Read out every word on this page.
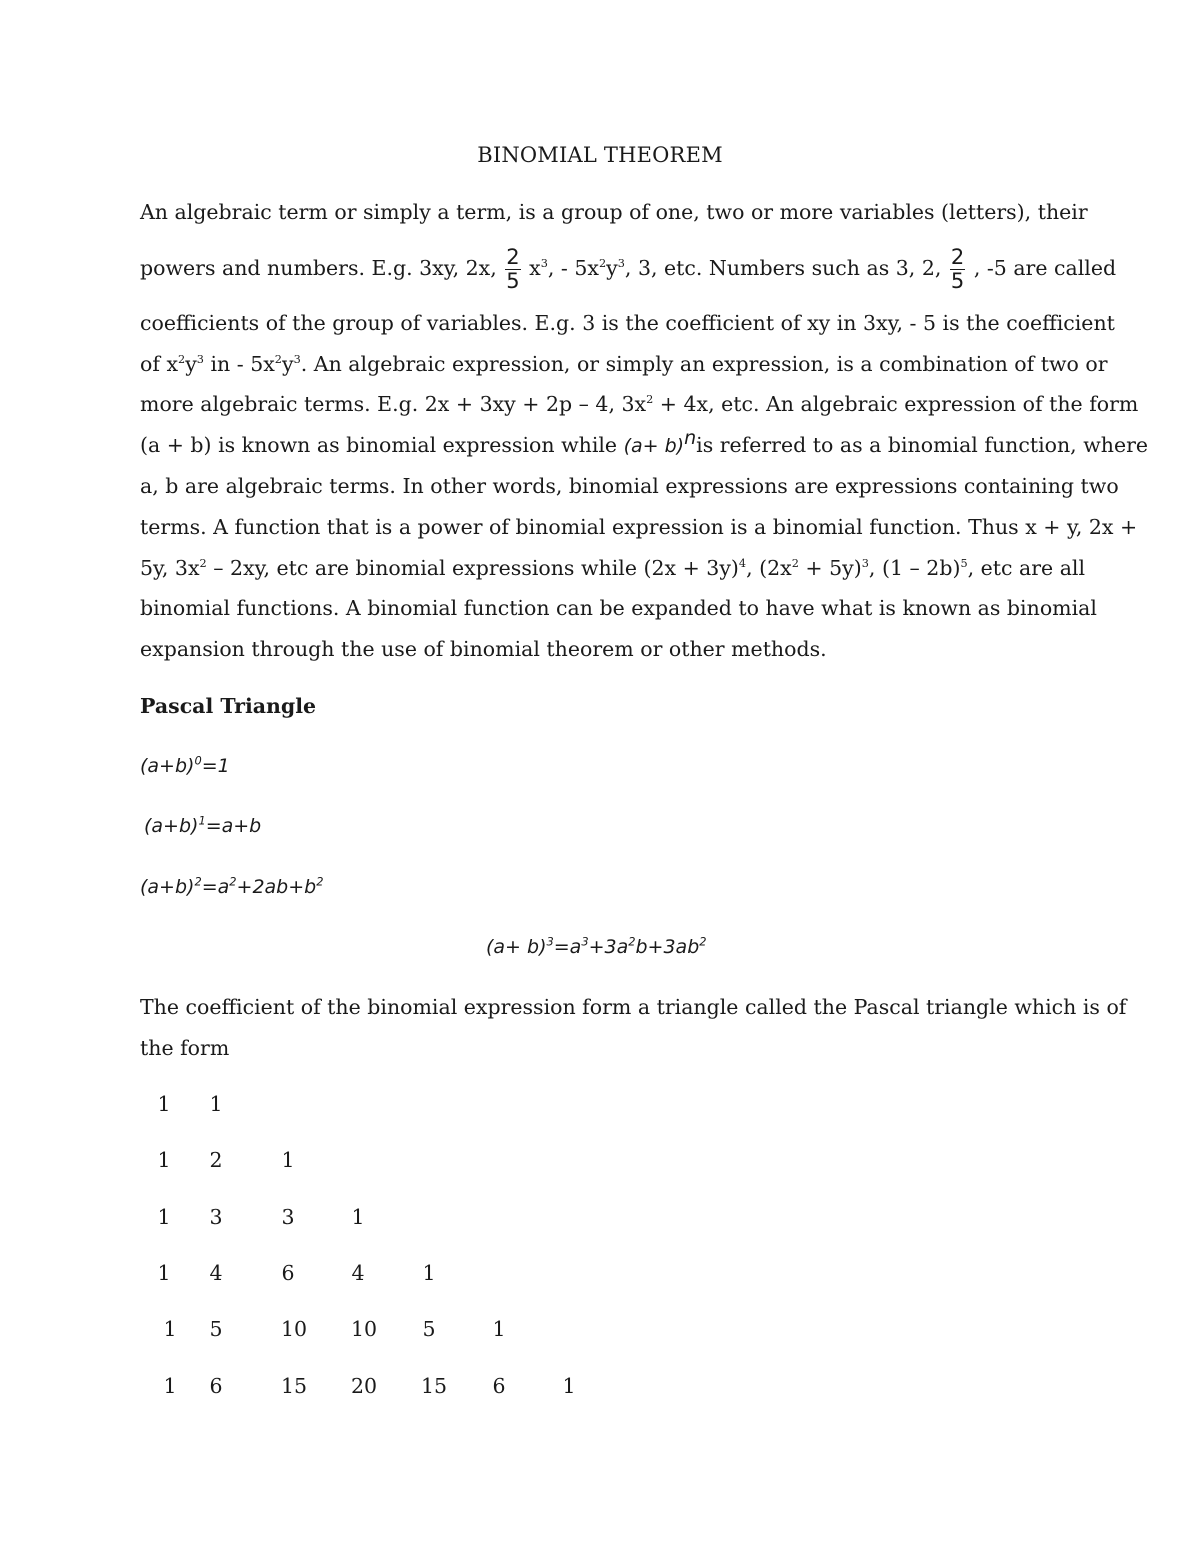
BINOMIAL THEOREM
An algebraic term or simply a term, is a group of one, two or more variables (letters), their
powers and numbers. E.g. 3xy, 2x, $\frac{2}{5} x^3$, - $5x^2y^3$, 3, etc. Numbers such as 3, 2, $\frac{2}{5}$ , -5 are called
coefficients of the group of variables. E.g. 3 is the coefficient of xy in 3xy, - 5 is the coefficient
of $x^2y^3$ in - $5x^2y^3$. An algebraic expression, or simply an expression, is a combination of two or
more algebraic terms. E.g. 2x + 3xy + 2p – 4, $3x^2 + 4x$, etc. An algebraic expression of the form
(a + b) is known as binomial expression while $(a+ b)^nis$ referred to as a binomial function, where
a, b are algebraic terms. In other words, binomial expressions are expressions containing two
terms. A function that is a power of binomial expression is a binomial function. Thus x + y, 2x +
5y, $3x^2 - 2xy$, etc are binomial expressions while $(2x + 3y)^4$, $(2x^2 + 5y)^3$, (1 – 2b)$^5$, etc are all
binomial functions. A binomial function can be expanded to have what is known as binomial
expansion through the use of binomial theorem or other methods.
Pascal Triangle
$(a+b)^0=1$
$(a+b)^1=a+b$
$(a+b)^2=a^2+2ab+b^2$
$(a+ b)^3=a^3+3a^2b+3ab^2$
The coefficient of the binomial expression form a triangle called the Pascal triangle which is of
the form
1	1
1	2	1
1	3	3	1
1	4	6	4	1
1	5	10	10	5	1
1	6	15	20	15	6	1
